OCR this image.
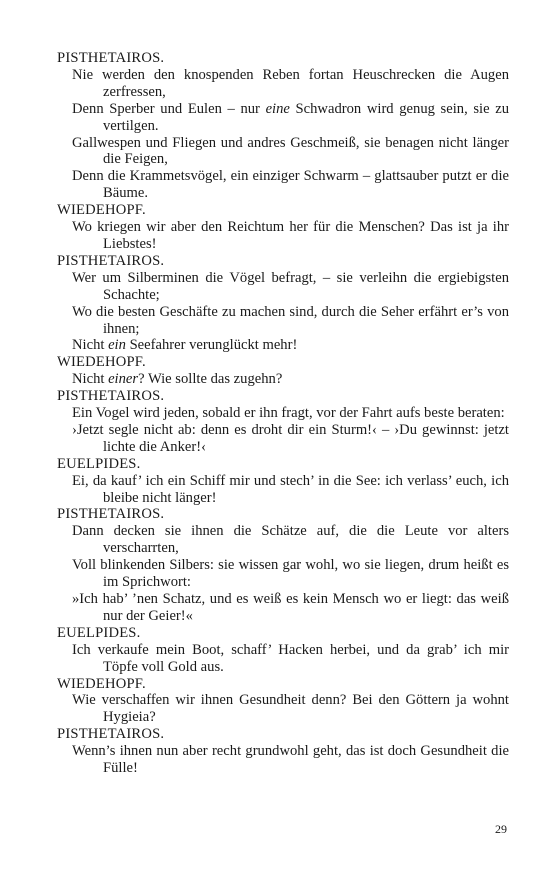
PISTHETAIROS.

Nie werden den knospenden Reben fortan Heuschrecken die Augen zerfressen,

Denn Sperber und Eulen – nur eine Schwadron wird genug sein, sie zu vertilgen.

Gallwespen und Fliegen und andres Geschmeiß, sie benagen nicht länger die Feigen,

Denn die Krammetsvögel, ein einziger Schwarm – glattsauber putzt er die Bäume.

WIEDEHOPF.

Wo kriegen wir aber den Reichtum her für die Menschen? Das ist ja ihr Liebstes!

PISTHETAIROS.

Wer um Silberminen die Vögel befragt, – sie verleihn die ergiebigsten Schachte;

Wo die besten Geschäfte zu machen sind, durch die Seher erfährt er’s von ihnen;

Nicht ein Seefahrer verunglückt mehr!

WIEDEHOPF.

Nicht einer? Wie sollte das zugehn?

PISTHETAIROS.

Ein Vogel wird jeden, sobald er ihn fragt, vor der Fahrt aufs beste beraten:

›Jetzt segle nicht ab: denn es droht dir ein Sturm!‹ – ›Du gewinnst: jetzt lichte die Anker!‹

EUELPIDES.

Ei, da kauf’ ich ein Schiff mir und stech’ in die See: ich verlass’ euch, ich bleibe nicht länger!

PISTHETAIROS.

Dann decken sie ihnen die Schätze auf, die die Leute vor alters verscharrten,

Voll blinkenden Silbers: sie wissen gar wohl, wo sie liegen, drum heißt es im Sprichwort:

»Ich hab’ ’nen Schatz, und es weiß es kein Mensch wo er liegt: das weiß nur der Geier!«

EUELPIDES.

Ich verkaufe mein Boot, schaff’ Hacken herbei, und da grab’ ich mir Töpfe voll Gold aus.

WIEDEHOPF.

Wie verschaffen wir ihnen Gesundheit denn? Bei den Göttern ja wohnt Hygieia?

PISTHETAIROS.

Wenn’s ihnen nun aber recht grundwohl geht, das ist doch Gesundheit die Fülle!

29
